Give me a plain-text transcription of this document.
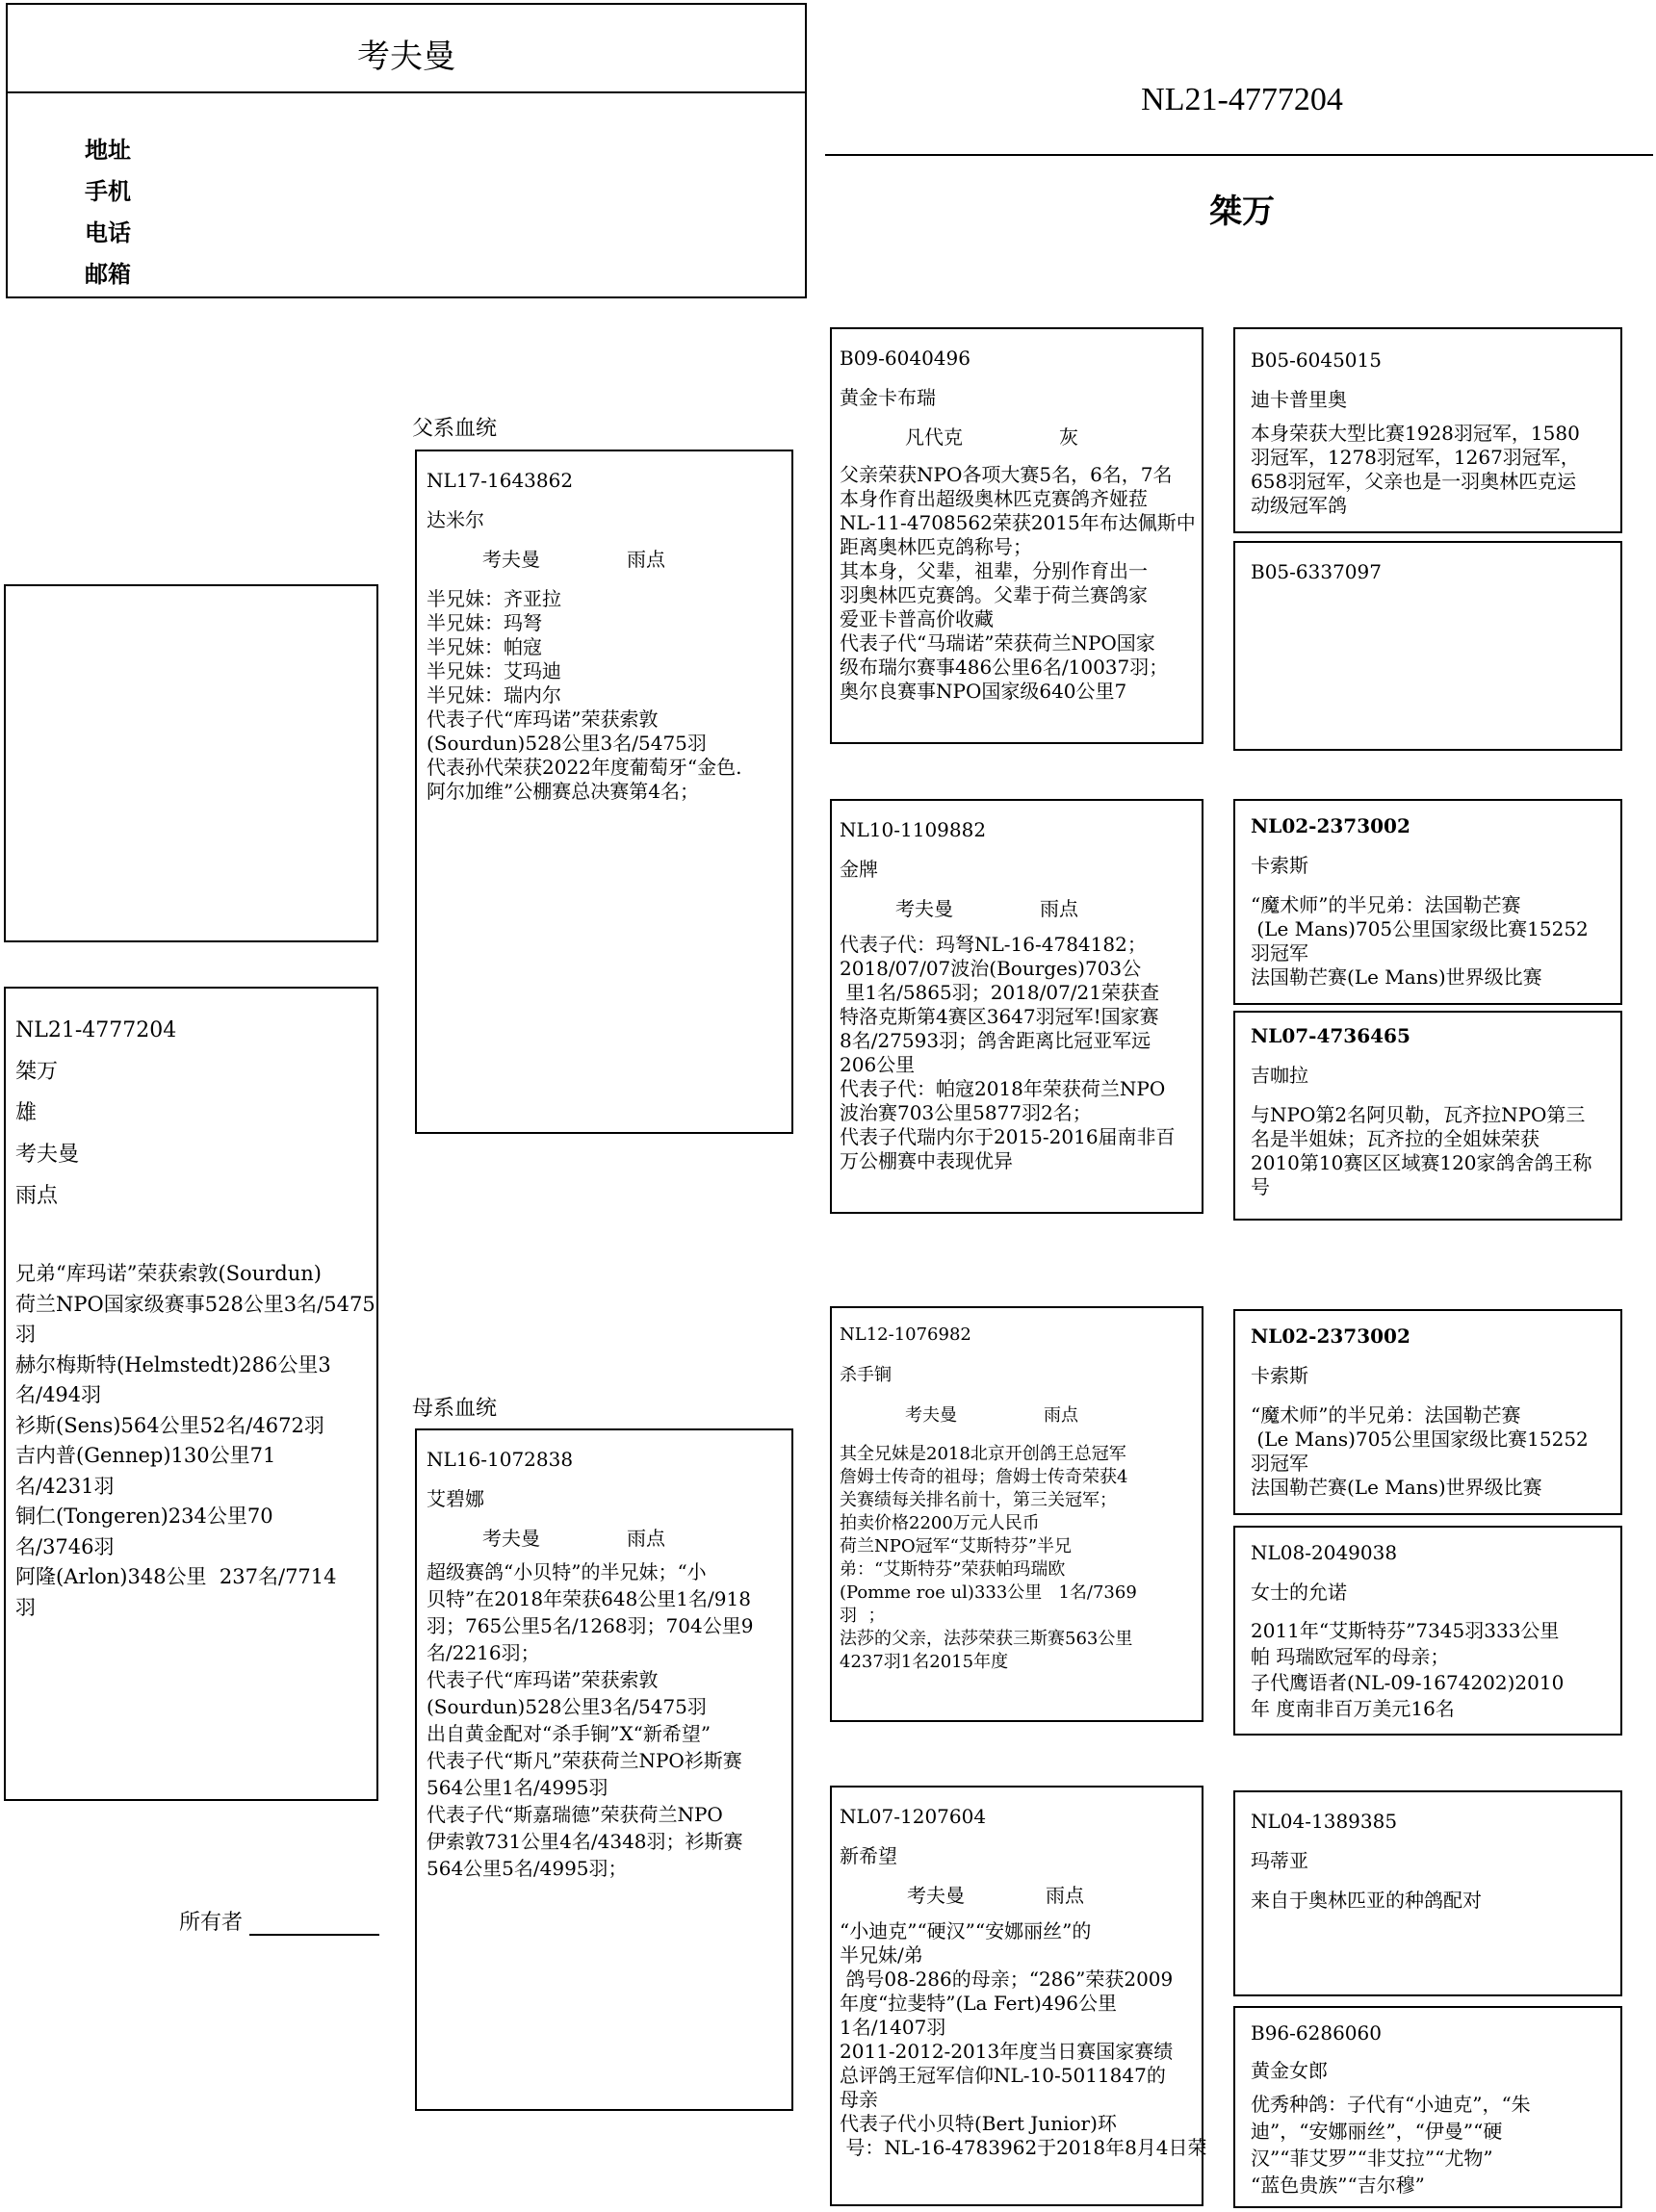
考夫曼
地址
手机
电话
邮箱
NL21-4777204
桀万
NL21-4777204
桀万
雄
考夫曼
雨点
兄弟“库玛诺”荣获索敦(Sourdun)
荷兰NPO国家级赛事528公里3名/5475
羽
赫尔梅斯特(Helmstedt)286公里3
名/494羽
衫斯(Sens)564公里52名/4672羽
吉内普(Gennep)130公里71
名/4231羽
铜仁(Tongeren)234公里70
名/3746羽
阿隆(Arlon)348公里  237名/7714
羽
所有者
父系血统
母系血统
NL17-1643862
达米尔
考夫曼	雨点
半兄妹：齐亚拉
半兄妹：玛弩
半兄妹：帕寇
半兄妹：艾玛迪
半兄妹：瑞内尔
代表子代“库玛诺”荣获索敦
(Sourdun)528公里3名/5475羽
代表孙代荣获2022年度葡萄牙“金色.
阿尔加维”公棚赛总决赛第4名；
NL16-1072838
艾碧娜
考夫曼	雨点
超级赛鸽“小贝特”的半兄妹；“小
贝特”在2018年荣获648公里1名/918
羽；765公里5名/1268羽；704公里9
名/2216羽；
代表子代“库玛诺”荣获索敦
(Sourdun)528公里3名/5475羽
出自黄金配对“杀手锏”X“新希望”
代表子代“斯凡”荣获荷兰NPO衫斯赛
564公里1名/4995羽
代表子代“斯嘉瑞德”荣获荷兰NPO
伊索敦731公里4名/4348羽；衫斯赛
564公里5名/4995羽；
B09-6040496
黄金卡布瑞
凡代克	灰
父亲荣获NPO各项大赛5名，6名，7名
本身作育出超级奥林匹克赛鸽齐娅菈
NL-11-4708562荣获2015年布达佩斯中
距离奥林匹克鸽称号；
其本身，父辈，祖辈，分别作育出一
羽奥林匹克赛鸽。父辈于荷兰赛鸽家
爱亚卡普高价收藏
代表子代“马瑞诺”荣获荷兰NPO国家
级布瑞尔赛事486公里6名/10037羽；
奥尔良赛事NPO国家级640公里7
NL10-1109882
金牌
考夫曼	雨点
代表子代：玛弩NL-16-4784182；
2018/07/07波治(Bourges)703公
里1名/5865羽；2018/07/21荣获查
特洛克斯第4赛区3647羽冠军!国家赛
8名/27593羽；鸽舍距离比冠亚军远
206公里
代表子代：帕寇2018年荣获荷兰NPO
波治赛703公里5877羽2名；
代表子代瑞内尔于2015-2016届南非百
万公棚赛中表现优异
NL12-1076982
杀手锏
考夫曼	雨点
其全兄妹是2018北京开创鸽王总冠军
詹姆士传奇的祖母；詹姆士传奇荣获4
关赛绩每关排名前十，第三关冠军；
拍卖价格2200万元人民币
荷兰NPO冠军“艾斯特芬”半兄
弟：“艾斯特芬”荣获帕玛瑞欧
(Pomme roe ul)333公里   1名/7369
羽  ；
法莎的父亲，法莎荣获三斯赛563公里
4237羽1名2015年度
NL07-1207604
新希望
考夫曼	雨点
“小迪克”“硬汉”“安娜丽丝”的
半兄妹/弟
鸽号08-286的母亲；“286”荣获2009
年度“拉斐特”(La Fert)496公里
1名/1407羽
2011-2012-2013年度当日赛国家赛绩
总评鸽王冠军信仰NL-10-5011847的
母亲
代表子代小贝特(Bert Junior)环
号：NL-16-4783962于2018年8月4日荣
B05-6045015
迪卡普里奥
本身荣获大型比赛1928羽冠军，1580
羽冠军，1278羽冠军，1267羽冠军，
658羽冠军，父亲也是一羽奥林匹克运
动级冠军鸽
B05-6337097
NL02-2373002
卡索斯
“魔术师”的半兄弟：法国勒芒赛
(Le Mans)705公里国家级比赛15252
羽冠军
法国勒芒赛(Le Mans)世界级比赛
NL07-4736465
吉咖拉
与NPO第2名阿贝勒，瓦齐拉NPO第三
名是半姐妹；瓦齐拉的全姐妹荣获
2010第10赛区区域赛120家鸽舍鸽王称
号
NL02-2373002
卡索斯
“魔术师”的半兄弟：法国勒芒赛
(Le Mans)705公里国家级比赛15252
羽冠军
法国勒芒赛(Le Mans)世界级比赛
NL08-2049038
女士的允诺
2011年“艾斯特芬”7345羽333公里
帕 玛瑞欧冠军的母亲；
子代鹰语者(NL-09-1674202)2010
年 度南非百万美元16名
NL04-1389385
玛蒂亚
来自于奥林匹亚的种鸽配对
B96-6286060
黄金女郎
优秀种鸽：子代有“小迪克”，“朱
迪”，“安娜丽丝”，“伊曼”“硬
汉”“菲艾罗”“非艾拉”“尤物”
“蓝色贵族”“吉尔穆”
